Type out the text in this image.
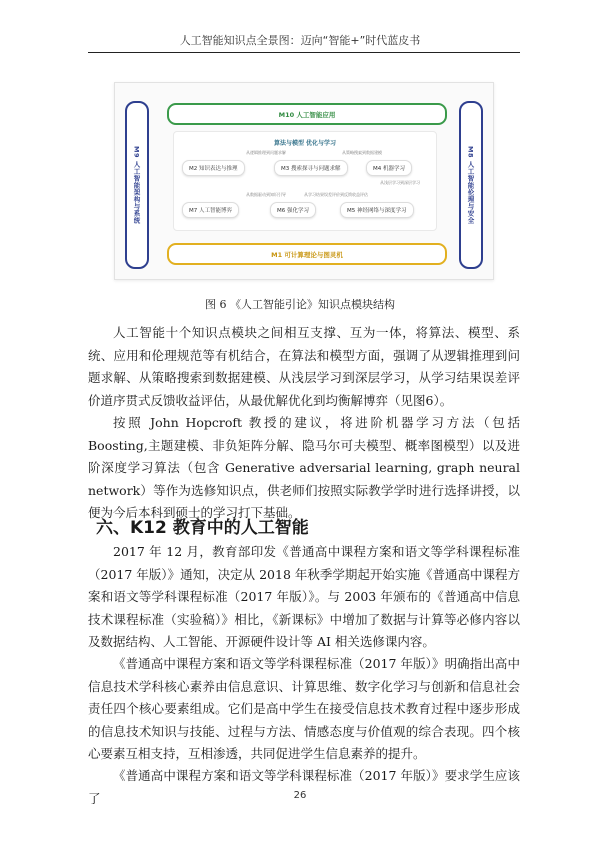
人工智能知识点全景图：迈向“智能+”时代蓝皮书
M9 人工智能架构与系统	M8 人工智能伦理与安全
M10 人工智能应用
算法与模型 优化与学习
M2 知识表达与推理	M3 搜索探寻与问题求解	M4 机器学习
M7 人工智能博弈	M6 强化学习	M5 神经网络与深度学习
从逻辑推理到问题求解	从策略搜索到数据建模
从浅层学习到深层学习
从数据驱动到知识引导	从学习结果误差评价到反馈收益评估
M1 可计算理论与图灵机
图 6 《人工智能引论》知识点模块结构

人工智能十个知识点模块之间相互支撑、互为一体，将算法、模型、系统、应用和伦理规范等有机结合，在算法和模型方面，强调了从逻辑推理到问题求解、从策略搜索到数据建模、从浅层学习到深层学习，从学习结果误差评价道序贯式反馈收益评估，从最优解优化到均衡解博弈（见图6）。

按照 John Hopcroft 教授的建议，将进阶机器学习方法（包括 Boosting,主题建模、非负矩阵分解、隐马尔可夫模型、概率图模型）以及进阶深度学习算法（包含 Generative adversarial learning, graph neural network）等作为选修知识点，供老师们按照实际教学学时进行选择讲授，以便为今后本科到硕士的学习打下基础。

六、K12 教育中的人工智能

2017 年 12 月，教育部印发《普通高中课程方案和语文等学科课程标准（2017 年版）》通知，决定从 2018 年秋季学期起开始实施《普通高中课程方案和语文等学科课程标准（2017 年版）》。与 2003 年颁布的《普通高中信息技术课程标准（实验稿）》相比，《新课标》中增加了数据与计算等必修内容以及数据结构、人工智能、开源硬件设计等 AI 相关选修课内容。

《普通高中课程方案和语文等学科课程标准（2017 年版）》明确指出高中信息技术学科核心素养由信息意识、计算思维、数字化学习与创新和信息社会责任四个核心要素组成。它们是高中学生在接受信息技术教育过程中逐步形成的信息技术知识与技能、过程与方法、情感态度与价值观的综合表现。四个核心要素互相支持，互相渗透，共同促进学生信息素养的提升。

《普通高中课程方案和语文等学科课程标准（2017 年版）》要求学生应该了	26
